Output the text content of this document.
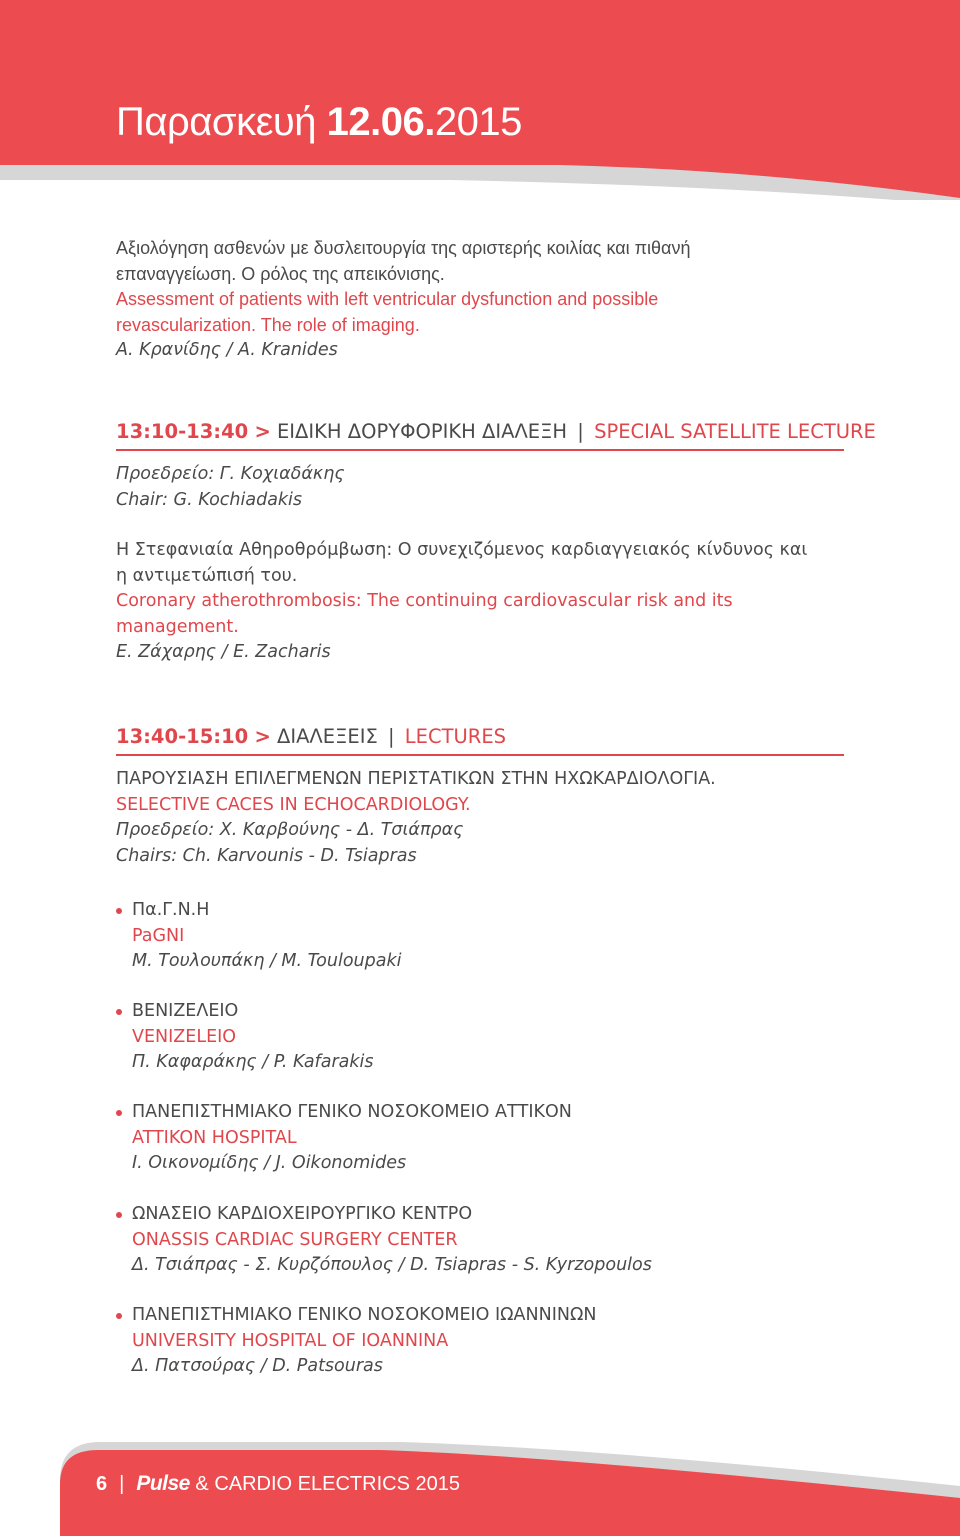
Παρασκευή 12.06.2015
Αξιολόγηση ασθενών με δυσλειτουργία της αριστερής κοιλίας και πιθανή
επαναγγείωση. Ο ρόλος της απεικόνισης.
Assessment of patients with left ventricular dysfunction and possible
revascularization. The role of imaging.
Α. Κρανίδης / A. Kranides
13:10-13:40 > ΕΙΔΙΚΗ ΔΟΡΥΦΟΡΙΚΗ ΔΙΑΛΕΞΗ | SPECIAL SATELLITE LECTURE
Προεδρείο: Γ. Κοχιαδάκης
Chair: G. Kochiadakis
Η Στεφανιαία Αθηροθρόμβωση: Ο συνεχιζόμενος καρδιαγγειακός κίνδυνος και
η αντιμετώπισή του.
Coronary atherothrombosis: The continuing cardiovascular risk and its
management.
Ε. Ζάχαρης / E. Zacharis
13:40-15:10 > ΔΙΑΛΕΞΕΙΣ | LECTURES
ΠΑΡΟΥΣΙΑΣΗ ΕΠΙΛΕΓΜΕΝΩΝ ΠΕΡΙΣΤΑΤΙΚΩΝ ΣΤΗΝ ΗΧΩΚΑΡΔΙΟΛΟΓΙΑ.
SELECTIVE CACES IN ECHOCARDIOLOGY.
Προεδρείο: Χ. Καρβούνης - Δ. Τσιάπρας
Chairs: Ch. Karvounis - D. Tsiapras
Πα.Γ.Ν.Η
PaGNI
Μ. Τουλουπάκη / M. Touloupaki
ΒΕΝΙΖΕΛΕΙΟ
VENIZELEIO
Π. Καφαράκης / P. Kafarakis
ΠΑΝΕΠΙΣΤΗΜΙΑΚΟ ΓΕΝΙΚΟ ΝΟΣΟΚΟΜΕΙΟ ΑΤΤΙΚΟΝ
ATTIKON HOSPITAL
Ι. Οικονομίδης / J. Oikonomides
ΩΝΑΣΕΙΟ ΚΑΡΔΙΟΧΕΙΡΟΥΡΓΙΚΟ ΚΕΝΤΡΟ
ONASSIS CARDIAC SURGERY CENTER
Δ. Τσιάπρας - Σ. Κυρζόπουλος / D. Tsiapras - S. Kyrzopoulos
ΠΑΝΕΠΙΣΤΗΜΙΑΚΟ ΓΕΝΙΚΟ ΝΟΣΟΚΟΜΕΙΟ ΙΩΑΝΝΙΝΩΝ
UNIVERSITY HOSPITAL OF IOANNINA
Δ. Πατσούρας / D. Patsouras
6 | Pulse & CARDIO ELECTRICS 2015
